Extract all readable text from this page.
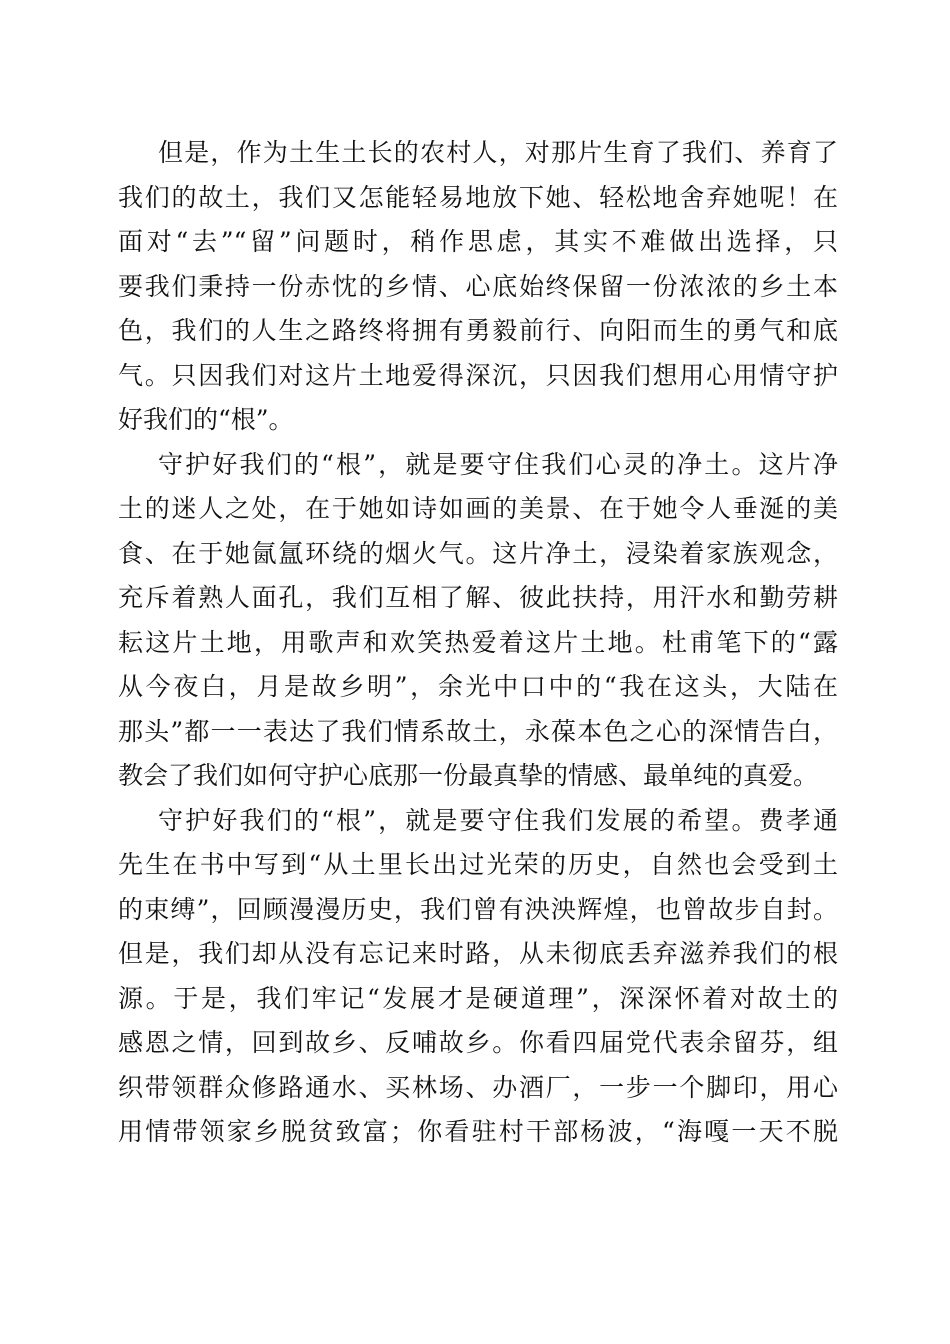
但是，作为土生土长的农村人，对那片生育了我们、养育了
我们的故土，我们又怎能轻易地放下她、轻松地舍弃她呢！在
面对“去”“留”问题时，稍作思虑，其实不难做出选择，只
要我们秉持一份赤忱的乡情、心底始终保留一份浓浓的乡土本
色，我们的人生之路终将拥有勇毅前行、向阳而生的勇气和底
气。只因我们对这片土地爱得深沉，只因我们想用心用情守护
好我们的“根”。
守护好我们的“根”，就是要守住我们心灵的净土。这片净
土的迷人之处，在于她如诗如画的美景、在于她令人垂涎的美
食、在于她氤氲环绕的烟火气。这片净土，浸染着家族观念，
充斥着熟人面孔，我们互相了解、彼此扶持，用汗水和勤劳耕
耘这片土地，用歌声和欢笑热爱着这片土地。杜甫笔下的“露
从今夜白，月是故乡明”，余光中口中的“我在这头，大陆在
那头”都一一表达了我们情系故土，永葆本色之心的深情告白，
教会了我们如何守护心底那一份最真挚的情感、最单纯的真爱。
守护好我们的“根”，就是要守住我们发展的希望。费孝通
先生在书中写到“从土里长出过光荣的历史，自然也会受到土
的束缚”，回顾漫漫历史，我们曾有泱泱辉煌，也曾故步自封。
但是，我们却从没有忘记来时路，从未彻底丢弃滋养我们的根
源。于是，我们牢记“发展才是硬道理”，深深怀着对故土的
感恩之情，回到故乡、反哺故乡。你看四届党代表余留芬，组
织带领群众修路通水、买林场、办酒厂，一步一个脚印，用心
用情带领家乡脱贫致富；你看驻村干部杨波，“海嘎一天不脱
